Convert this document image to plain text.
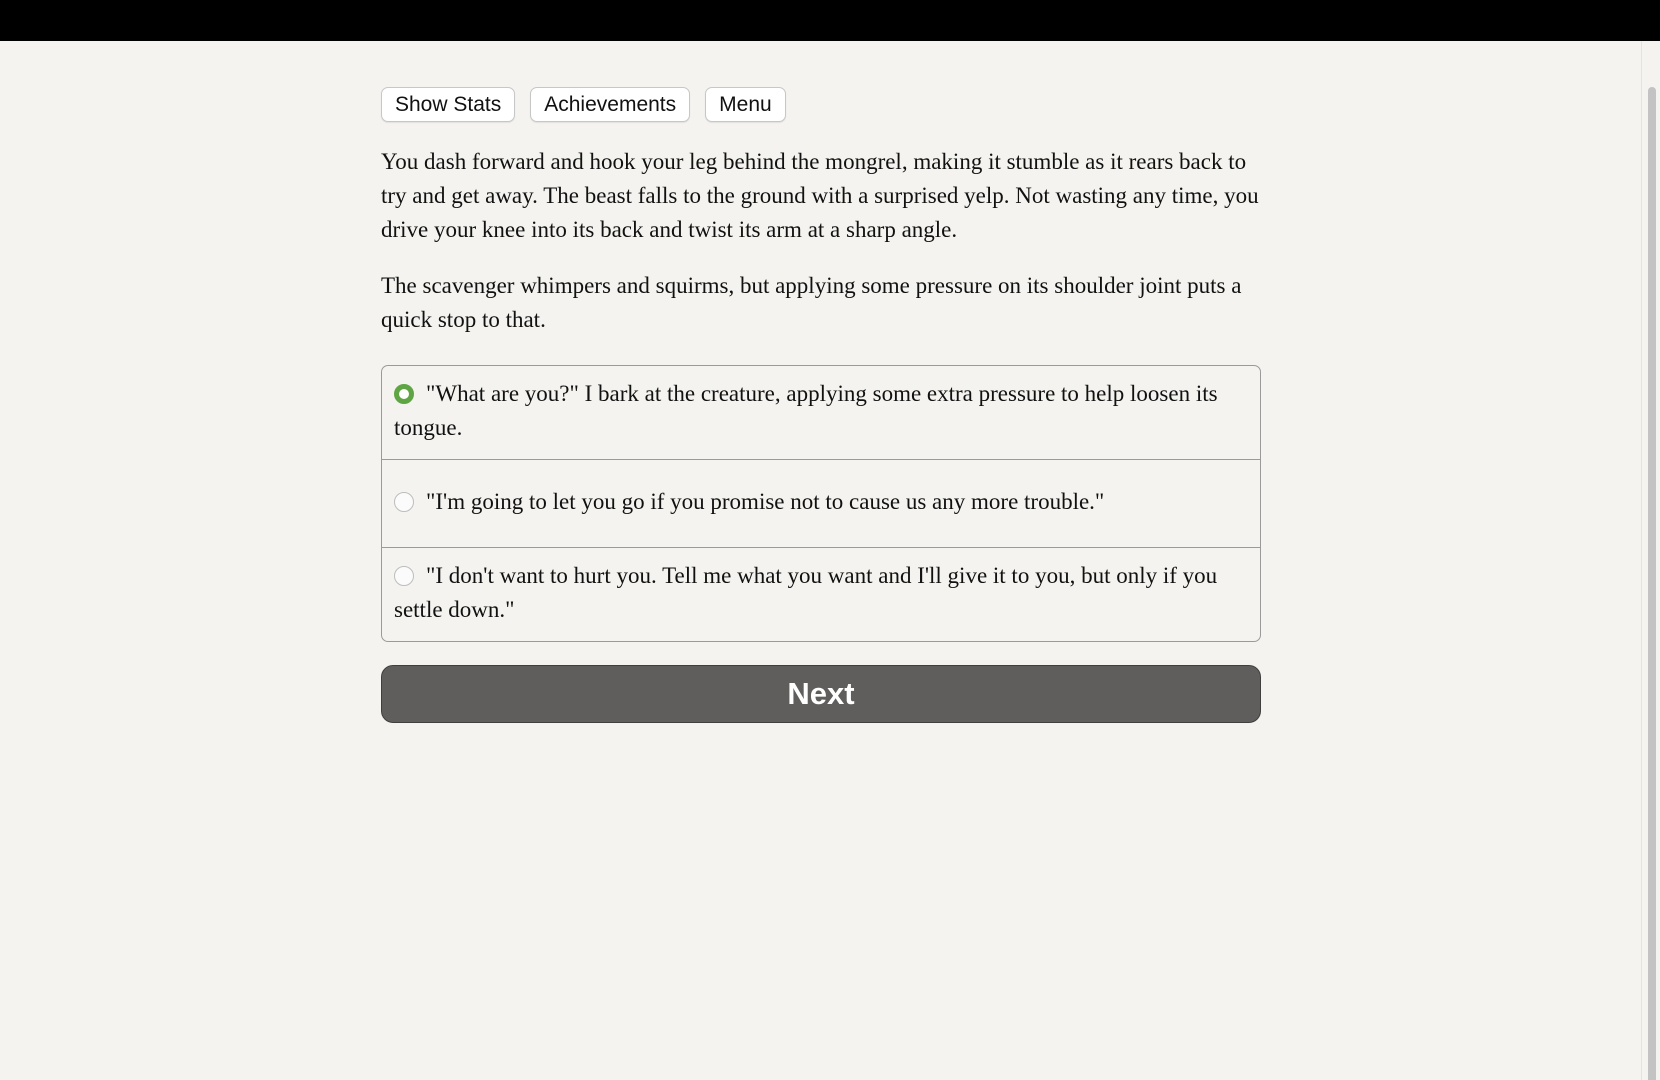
Show Stats	Achievements	Menu

You dash forward and hook your leg behind the mongrel, making it stumble as it rears back to try and get away. The beast falls to the ground with a surprised yelp. Not wasting any time, you drive your knee into its back and twist its arm at a sharp angle.

The scavenger whimpers and squirms, but applying some pressure on its shoulder joint puts a quick stop to that.

"What are you?" I bark at the creature, applying some extra pressure to help loosen its tongue.
"I'm going to let you go if you promise not to cause us any more trouble."
"I don't want to hurt you. Tell me what you want and I'll give it to you, but only if you settle down."
Next
